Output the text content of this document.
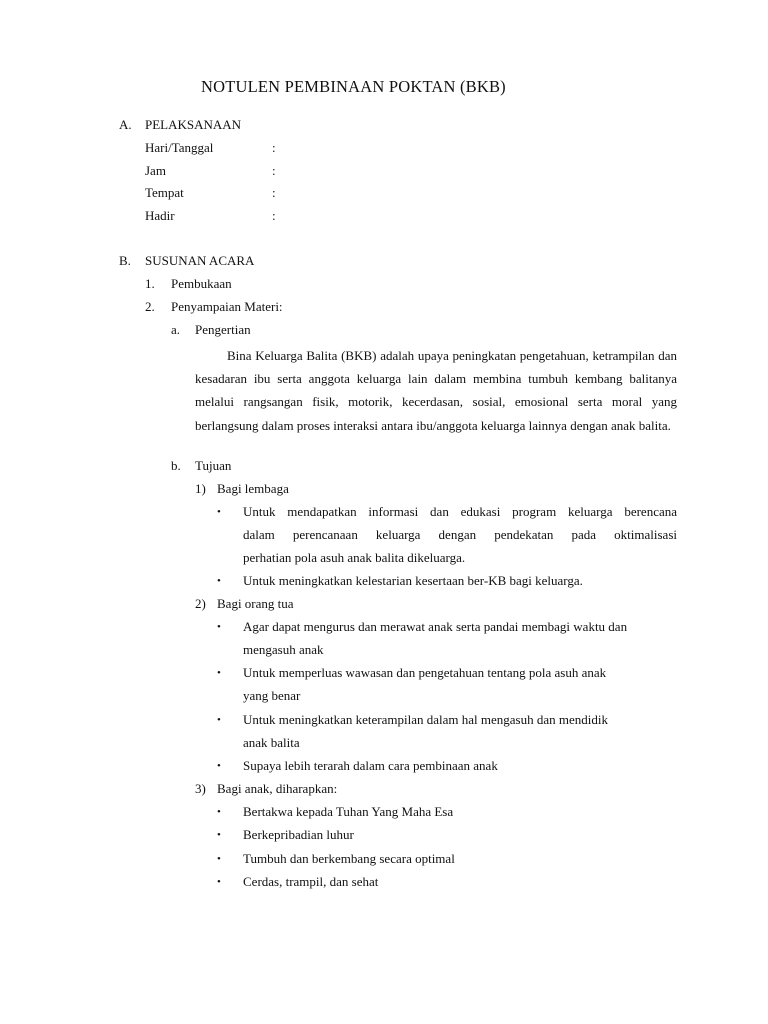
NOTULEN PEMBINAAN POKTAN (BKB)
A. PELAKSANAAN
Hari/Tanggal	:
Jam	:
Tempat	:
Hadir	:
B. SUSUNAN ACARA
1. Pembukaan
2. Penyampaian Materi:
a. Pengertian

Bina Keluarga Balita (BKB) adalah upaya peningkatan pengetahuan, ketrampilan dan kesadaran ibu serta anggota keluarga lain dalam membina tumbuh kembang balitanya melalui rangsangan fisik, motorik, kecerdasan, sosial, emosional serta moral yang berlangsung dalam proses interaksi antara ibu/anggota keluarga lainnya dengan anak balita.

b. Tujuan
1) Bagi lembaga
• Untuk mendapatkan informasi dan edukasi program keluarga berencana
dalam perencanaan keluarga dengan pendekatan pada oktimalisasi
perhatian pola asuh anak balita dikeluarga.
• Untuk meningkatkan kelestarian kesertaan ber-KB bagi keluarga.
2) Bagi orang tua
• Agar dapat mengurus dan merawat anak serta pandai membagi waktu dan
mengasuh anak
• Untuk memperluas wawasan dan pengetahuan tentang pola asuh anak
yang benar
• Untuk meningkatkan keterampilan dalam hal mengasuh dan mendidik
anak balita
• Supaya lebih terarah dalam cara pembinaan anak
3) Bagi anak, diharapkan:
• Bertakwa kepada Tuhan Yang Maha Esa
• Berkepribadian luhur
• Tumbuh dan berkembang secara optimal
• Cerdas, trampil, dan sehat
